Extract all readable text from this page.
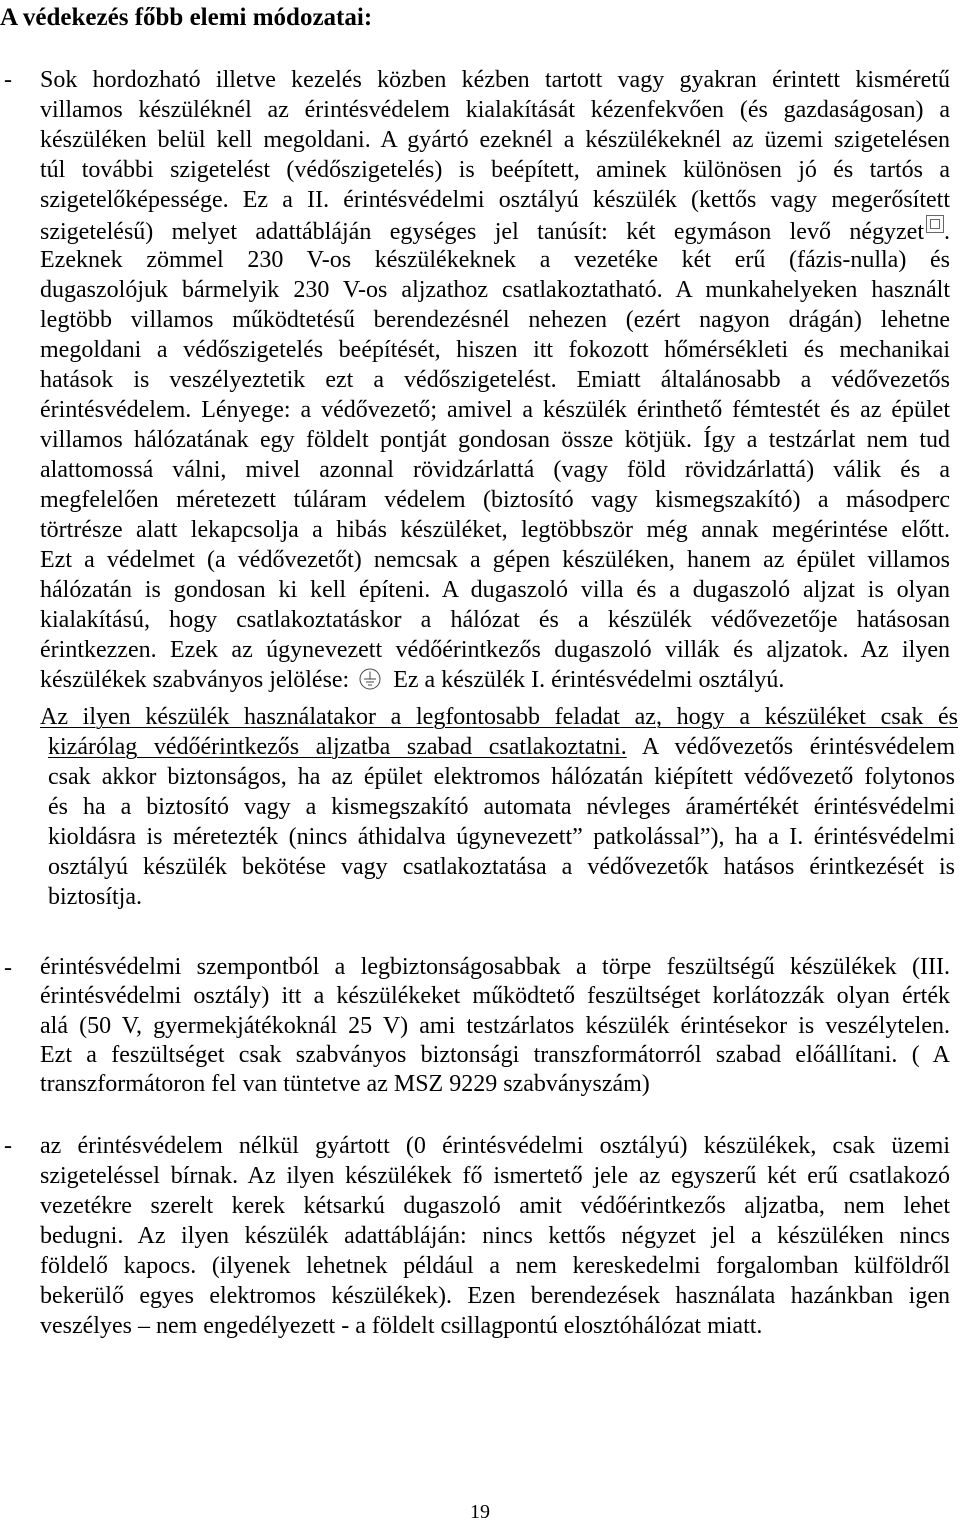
A védekezés főbb elemi módozatai:
- Sok hordozható illetve kezelés közben kézben tartott vagy gyakran érintett kisméretű
villamos készüléknél az érintésvédelem kialakítását kézenfekvően (és gazdaságosan) a
készüléken belül kell megoldani. A gyártó ezeknél a készülékeknél az üzemi szigetelésen
túl további szigetelést (védőszigetelés) is beépített, aminek különösen jó és tartós a
szigetelőképessége. Ez a II. érintésvédelmi osztályú készülék (kettős vagy megerősített
szigetelésű) melyet adattábláján egységes jel tanúsít: két egymáson levő négyzet .
Ezeknek zömmel 230 V-os készülékeknek a vezetéke két erű (fázis-nulla) és
dugaszolójuk bármelyik 230 V-os aljzathoz csatlakoztatható. A munkahelyeken használt
legtöbb villamos működtetésű berendezésnél nehezen (ezért nagyon drágán) lehetne
megoldani a védőszigetelés beépítését, hiszen itt fokozott hőmérsékleti és mechanikai
hatások is veszélyeztetik ezt a védőszigetelést. Emiatt általánosabb a védővezetős
érintésvédelem. Lényege: a védővezető; amivel a készülék érinthető fémtestét és az épület
villamos hálózatának egy földelt pontját gondosan össze kötjük. Így a testzárlat nem tud
alattomossá válni, mivel azonnal rövidzárlattá (vagy föld rövidzárlattá) válik és a
megfelelően méretezett túláram védelem (biztosító vagy kismegszakító) a másodperc
törtrésze alatt lekapcsolja a hibás készüléket, legtöbbször még annak megérintése előtt.
Ezt a védelmet (a védővezetőt) nemcsak a gépen készüléken, hanem az épület villamos
hálózatán is gondosan ki kell építeni. A dugaszoló villa és a dugaszoló aljzat is olyan
kialakítású, hogy csatlakoztatáskor a hálózat és a készülék védővezetője hatásosan
érintkezzen. Ezek az úgynevezett védőérintkezős dugaszoló villák és aljzatok. Az ilyen
készülékek szabványos jelölése: Ez a készülék I. érintésvédelmi osztályú.
Az ilyen készülék használatakor a legfontosabb feladat az, hogy a készüléket csak és
kizárólag védőérintkezős aljzatba szabad csatlakoztatni. A védővezetős érintésvédelem
csak akkor biztonságos, ha az épület elektromos hálózatán kiépített védővezető folytonos
és ha a biztosító vagy a kismegszakító automata névleges áramértékét érintésvédelmi
kioldásra is méretezték (nincs áthidalva úgynevezett” patkolással”), ha a I. érintésvédelmi
osztályú készülék bekötése vagy csatlakoztatása a védővezetők hatásos érintkezését is
biztosítja.
- érintésvédelmi szempontból a legbiztonságosabbak a törpe feszültségű készülékek (III.
érintésvédelmi osztály) itt a készülékeket működtető feszültséget korlátozzák olyan érték
alá (50 V, gyermekjátékoknál 25 V) ami testzárlatos készülék érintésekor is veszélytelen.
Ezt a feszültséget csak szabványos biztonsági transzformátorról szabad előállítani. ( A
transzformátoron fel van tüntetve az MSZ 9229 szabványszám)
- az érintésvédelem nélkül gyártott (0 érintésvédelmi osztályú) készülékek, csak üzemi
szigeteléssel bírnak. Az ilyen készülékek fő ismertető jele az egyszerű két erű csatlakozó
vezetékre szerelt kerek kétsarkú dugaszoló amit védőérintkezős aljzatba, nem lehet
bedugni. Az ilyen készülék adattábláján: nincs kettős négyzet jel a készüléken nincs
földelő kapocs. (ilyenek lehetnek például a nem kereskedelmi forgalomban külföldről
bekerülő egyes elektromos készülékek). Ezen berendezések használata hazánkban igen
veszélyes – nem engedélyezett - a földelt csillagpontú elosztóhálózat miatt.
19
